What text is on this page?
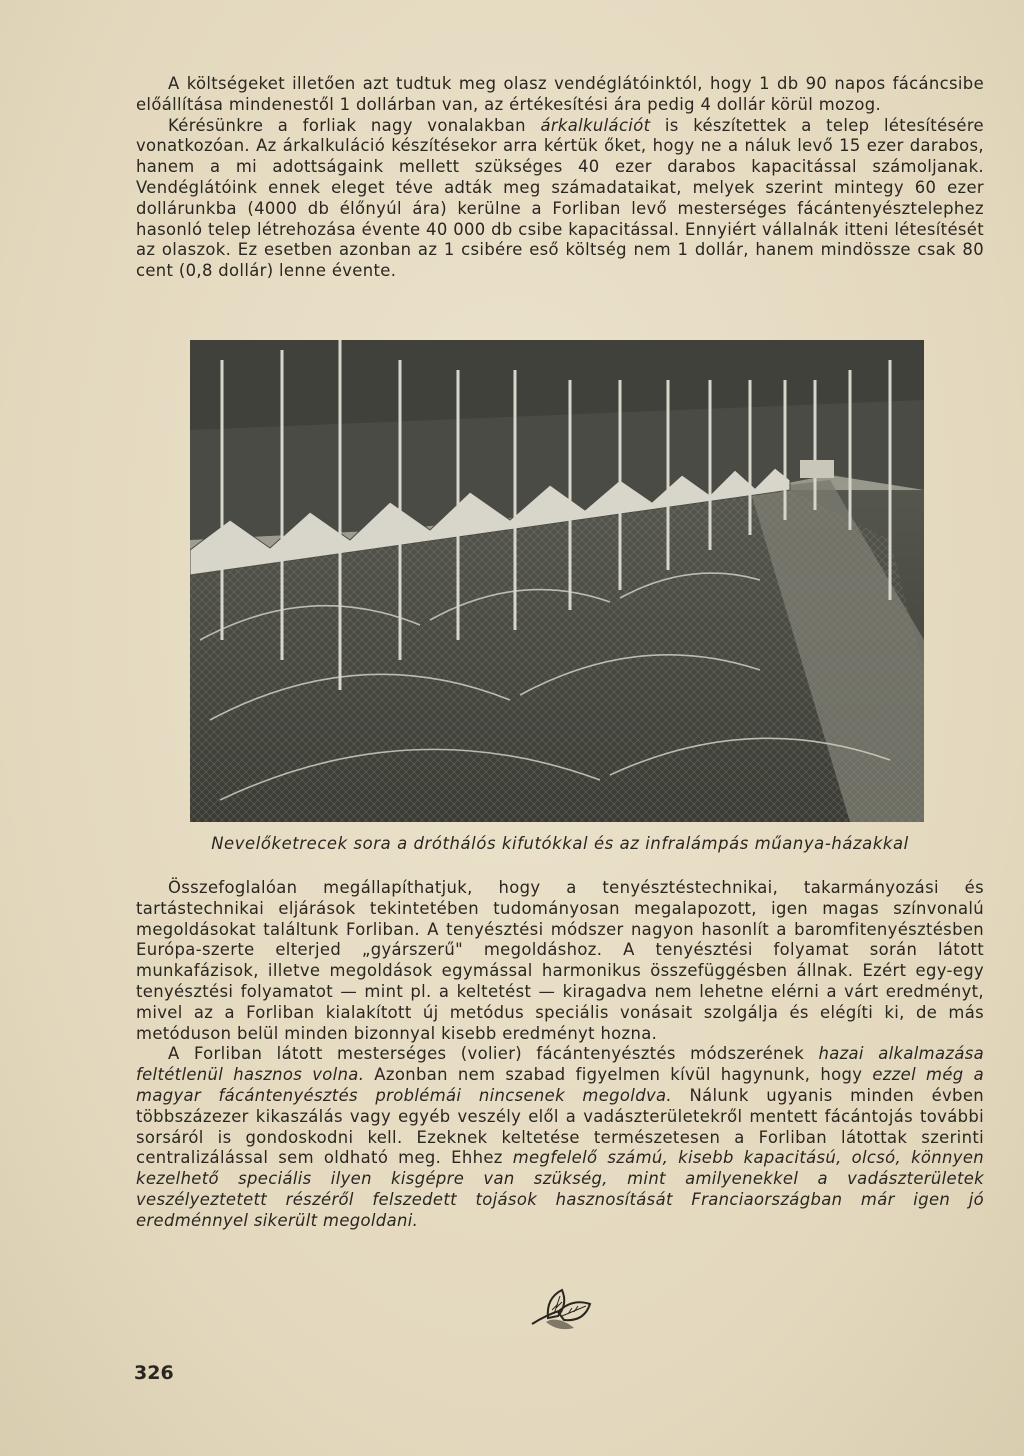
A költségeket illetően azt tudtuk meg olasz vendéglátóinktól, hogy 1 db 90 napos fácáncsibe előállítása mindenestől 1 dollárban van, az értékesítési ára pedig 4 dollár körül mozog.

Kérésünkre a forliak nagy vonalakban árkalkulációt is készítettek a telep létesítésére vonatkozóan. Az árkalkuláció készítésekor arra kértük őket, hogy ne a náluk levő 15 ezer darabos, hanem a mi adottságaink mellett szükséges 40 ezer darabos kapacitással számoljanak. Vendéglátóink ennek eleget téve adták meg számadataikat, melyek szerint mintegy 60 ezer dollárunkba (4000 db élőnyúl ára) kerülne a Forliban levő mesterséges fácántenyésztelephez hasonló telep létrehozása évente 40 000 db csibe kapacitással. Ennyiért vállalnák itteni létesítését az olaszok. Ez esetben azonban az 1 csibére eső költség nem 1 dollár, hanem mindössze csak 80 cent (0,8 dollár) lenne évente.

Nevelőketrecek sora a dróthálós kifutókkal és az infralámpás műanya-házakkal

Összefoglalóan megállapíthatjuk, hogy a tenyésztéstechnikai, takarmányozási és tartástechnikai eljárások tekintetében tudományosan megalapozott, igen magas színvonalú megoldásokat találtunk Forliban. A tenyésztési módszer nagyon hasonlít a baromfitenyésztésben Európa-szerte elterjed „gyárszerű" megoldáshoz. A tenyésztési folyamat során látott munkafázisok, illetve megoldások egymással harmonikus összefüggésben állnak. Ezért egy-egy tenyésztési folyamatot — mint pl. a keltetést — kiragadva nem lehetne elérni a várt eredményt, mivel az a Forliban kialakított új metódus speciális vonásait szolgálja és elégíti ki, de más metóduson belül minden bizonnyal kisebb eredményt hozna.

A Forliban látott mesterséges (volier) fácántenyésztés módszerének hazai alkalmazása feltétlenül hasznos volna. Azonban nem szabad figyelmen kívül hagynunk, hogy ezzel még a magyar fácántenyésztés problémái nincsenek megoldva. Nálunk ugyanis minden évben többszázezer kikaszálás vagy egyéb veszély elől a vadászterületekről mentett fácántojás további sorsáról is gondoskodni kell. Ezeknek keltetése természetesen a Forliban látottak szerinti centralizálással sem oldható meg. Ehhez megfelelő számú, kisebb kapacitású, olcsó, könnyen kezelhető speciális ilyen kisgépre van szükség, mint amilyenekkel a vadászterületek veszélyeztetett részéről felszedett tojások hasznosítását Franciaországban már igen jó eredménnyel sikerült megoldani.

326
